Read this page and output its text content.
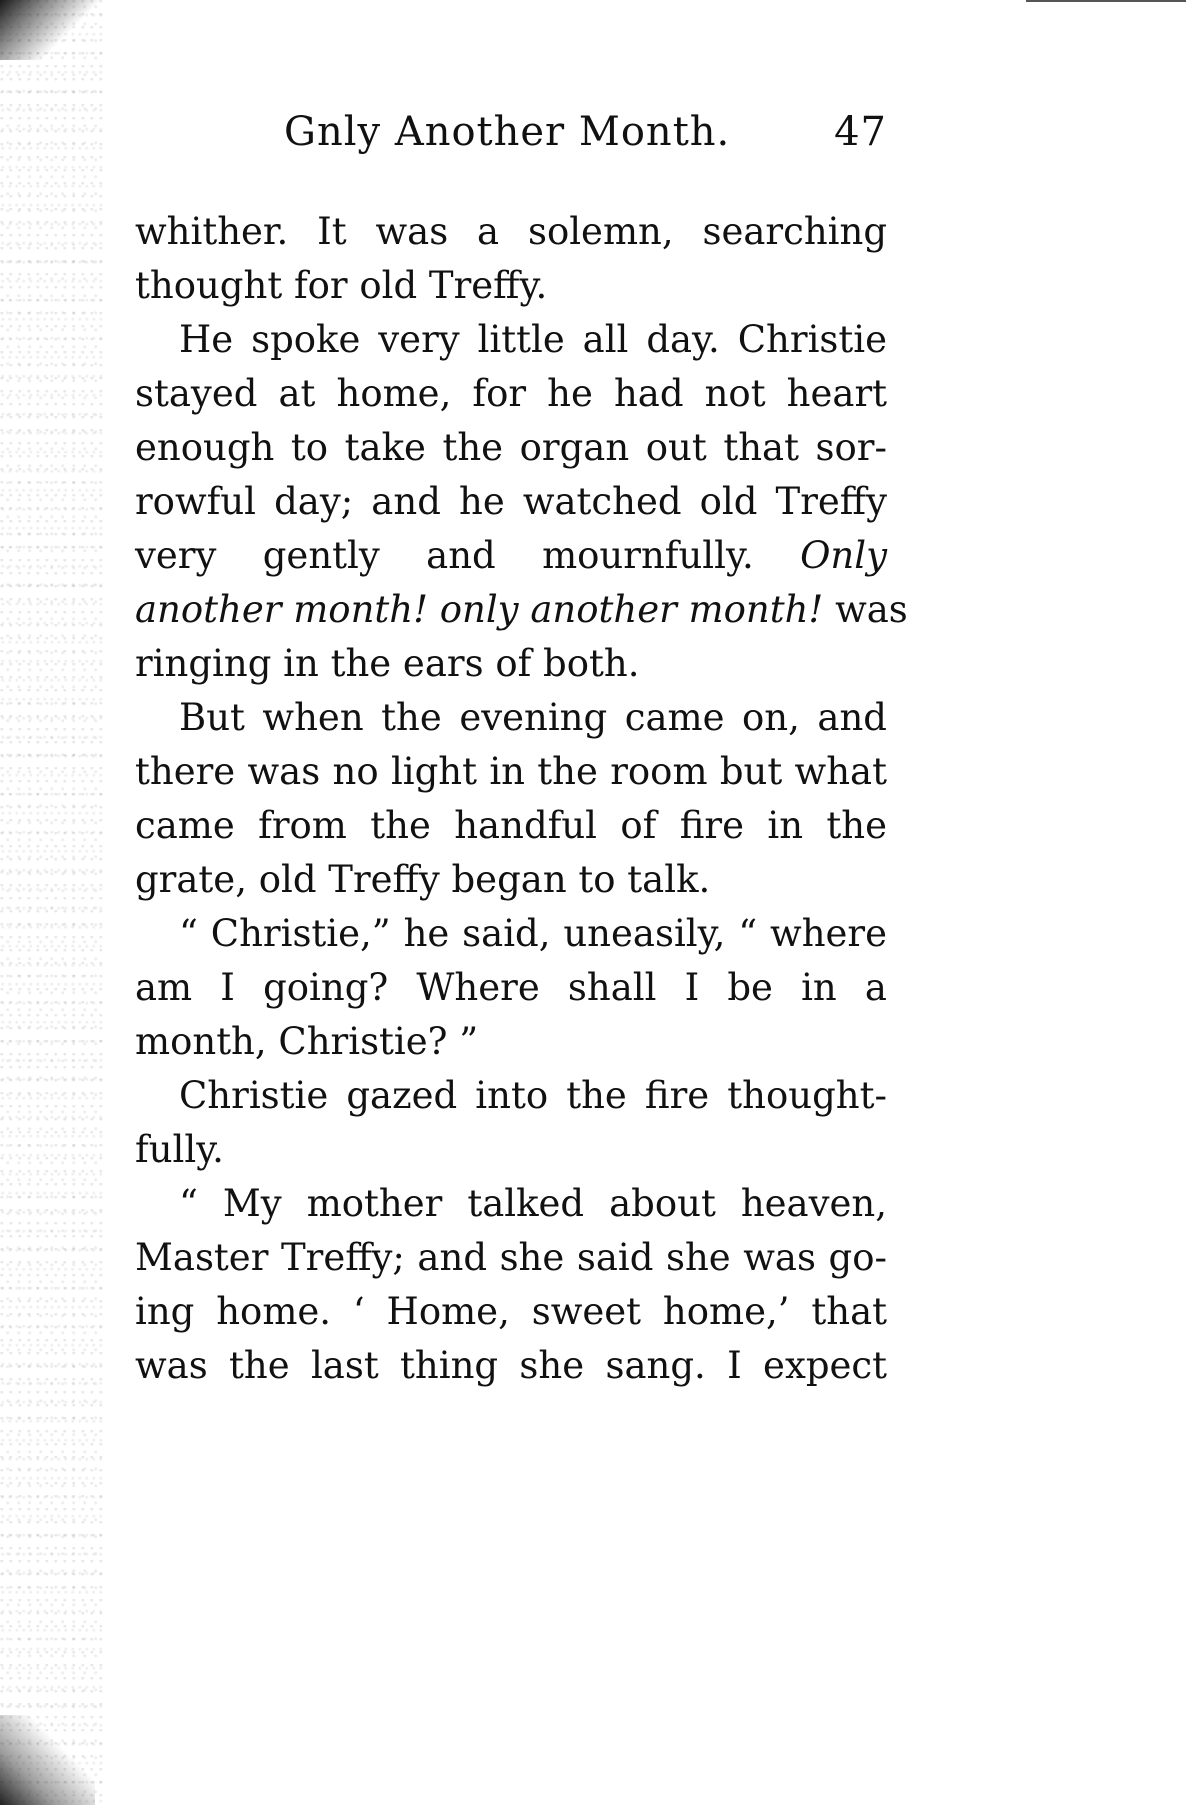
Gnly Another Month.	47
whither. It was a solemn, searching
thought for old Treffy.
He spoke very little all day. Christie
stayed at home, for he had not heart
enough to take the organ out that sor-
rowful day; and he watched old Treffy
very gently and mournfully. Only
another month! only another month! was
ringing in the ears of both.
But when the evening came on, and
there was no light in the room but what
came from the handful of fire in the
grate, old Treffy began to talk.
“ Christie,” he said, uneasily, “ where
am I going? Where shall I be in a
month, Christie? ”
Christie gazed into the fire thought-
fully.
“ My mother talked about heaven,
Master Treffy; and she said she was go-
ing home. ‘ Home, sweet home,’ that
was the last thing she sang. I expect
